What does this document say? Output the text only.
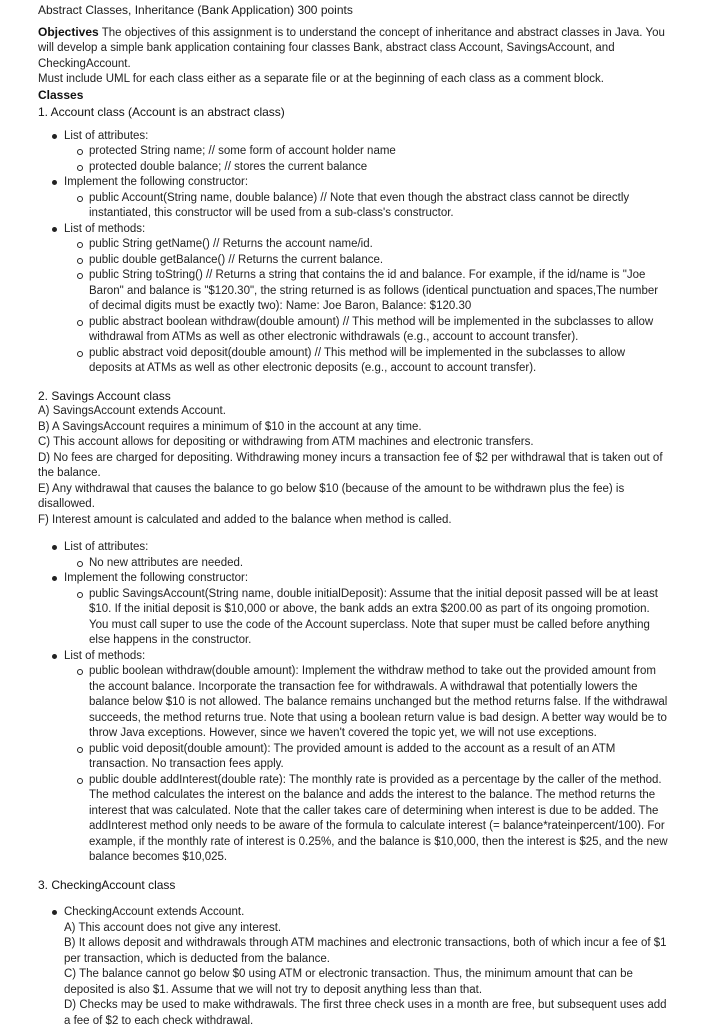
Abstract Classes, Inheritance (Bank Application) 300 points

Objectives The objectives of this assignment is to understand the concept of inheritance and abstract classes in Java. You will develop a simple bank application containing four classes Bank, abstract class Account, SavingsAccount, and CheckingAccount.

Must include UML for each class either as a separate file or at the beginning of each class as a comment block.

Classes

1. Account class (Account is an abstract class)

List of attributes:
protected String name; // some form of account holder name
protected double balance; // stores the current balance
Implement the following constructor:
public Account(String name, double balance) // Note that even though the abstract class cannot be directly instantiated, this constructor will be used from a sub-class's constructor.
List of methods:
public String getName() // Returns the account name/id.
public double getBalance() // Returns the current balance.
public String toString() // Returns a string that contains the id and balance. For example, if the id/name is "Joe Baron" and balance is "$120.30", the string returned is as follows (identical punctuation and spaces,The number of decimal digits must be exactly two): Name: Joe Baron, Balance: $120.30
public abstract boolean withdraw(double amount) // This method will be implemented in the subclasses to allow withdrawal from ATMs as well as other electronic withdrawals (e.g., account to account transfer).
public abstract void deposit(double amount) // This method will be implemented in the subclasses to allow deposits at ATMs as well as other electronic deposits (e.g., account to account transfer).

2. Savings Account class

A) SavingsAccount extends Account.

B) A SavingsAccount requires a minimum of $10 in the account at any time.

C) This account allows for depositing or withdrawing from ATM machines and electronic transfers.

D) No fees are charged for depositing. Withdrawing money incurs a transaction fee of $2 per withdrawal that is taken out of the balance.

E) Any withdrawal that causes the balance to go below $10 (because of the amount to be withdrawn plus the fee) is disallowed.

F) Interest amount is calculated and added to the balance when method is called.

List of attributes:
No new attributes are needed.
Implement the following constructor:
public SavingsAccount(String name, double initialDeposit): Assume that the initial deposit passed will be at least $10. If the initial deposit is $10,000 or above, the bank adds an extra $200.00 as part of its ongoing promotion. You must call super to use the code of the Account superclass. Note that super must be called before anything else happens in the constructor.
List of methods:
public boolean withdraw(double amount): Implement the withdraw method to take out the provided amount from the account balance. Incorporate the transaction fee for withdrawals. A withdrawal that potentially lowers the balance below $10 is not allowed. The balance remains unchanged but the method returns false. If the withdrawal succeeds, the method returns true. Note that using a boolean return value is bad design. A better way would be to throw Java exceptions. However, since we haven't covered the topic yet, we will not use exceptions.
public void deposit(double amount): The provided amount is added to the account as a result of an ATM transaction. No transaction fees apply.
public double addInterest(double rate): The monthly rate is provided as a percentage by the caller of the method. The method calculates the interest on the balance and adds the interest to the balance. The method returns the interest that was calculated. Note that the caller takes care of determining when interest is due to be added. The addInterest method only needs to be aware of the formula to calculate interest (= balance*rateinpercent/100). For example, if the monthly rate of interest is 0.25%, and the balance is $10,000, then the interest is $25, and the new balance becomes $10,025.

3. CheckingAccount class

CheckingAccount extends Account.

A) This account does not give any interest.

B) It allows deposit and withdrawals through ATM machines and electronic transactions, both of which incur a fee of $1 per transaction, which is deducted from the balance.

C) The balance cannot go below $0 using ATM or electronic transaction. Thus, the minimum amount that can be deposited is also $1. Assume that we will not try to deposit anything less than that.

D) Checks may be used to make withdrawals. The first three check uses in a month are free, but subsequent uses add a fee of $2 to each check withdrawal.
